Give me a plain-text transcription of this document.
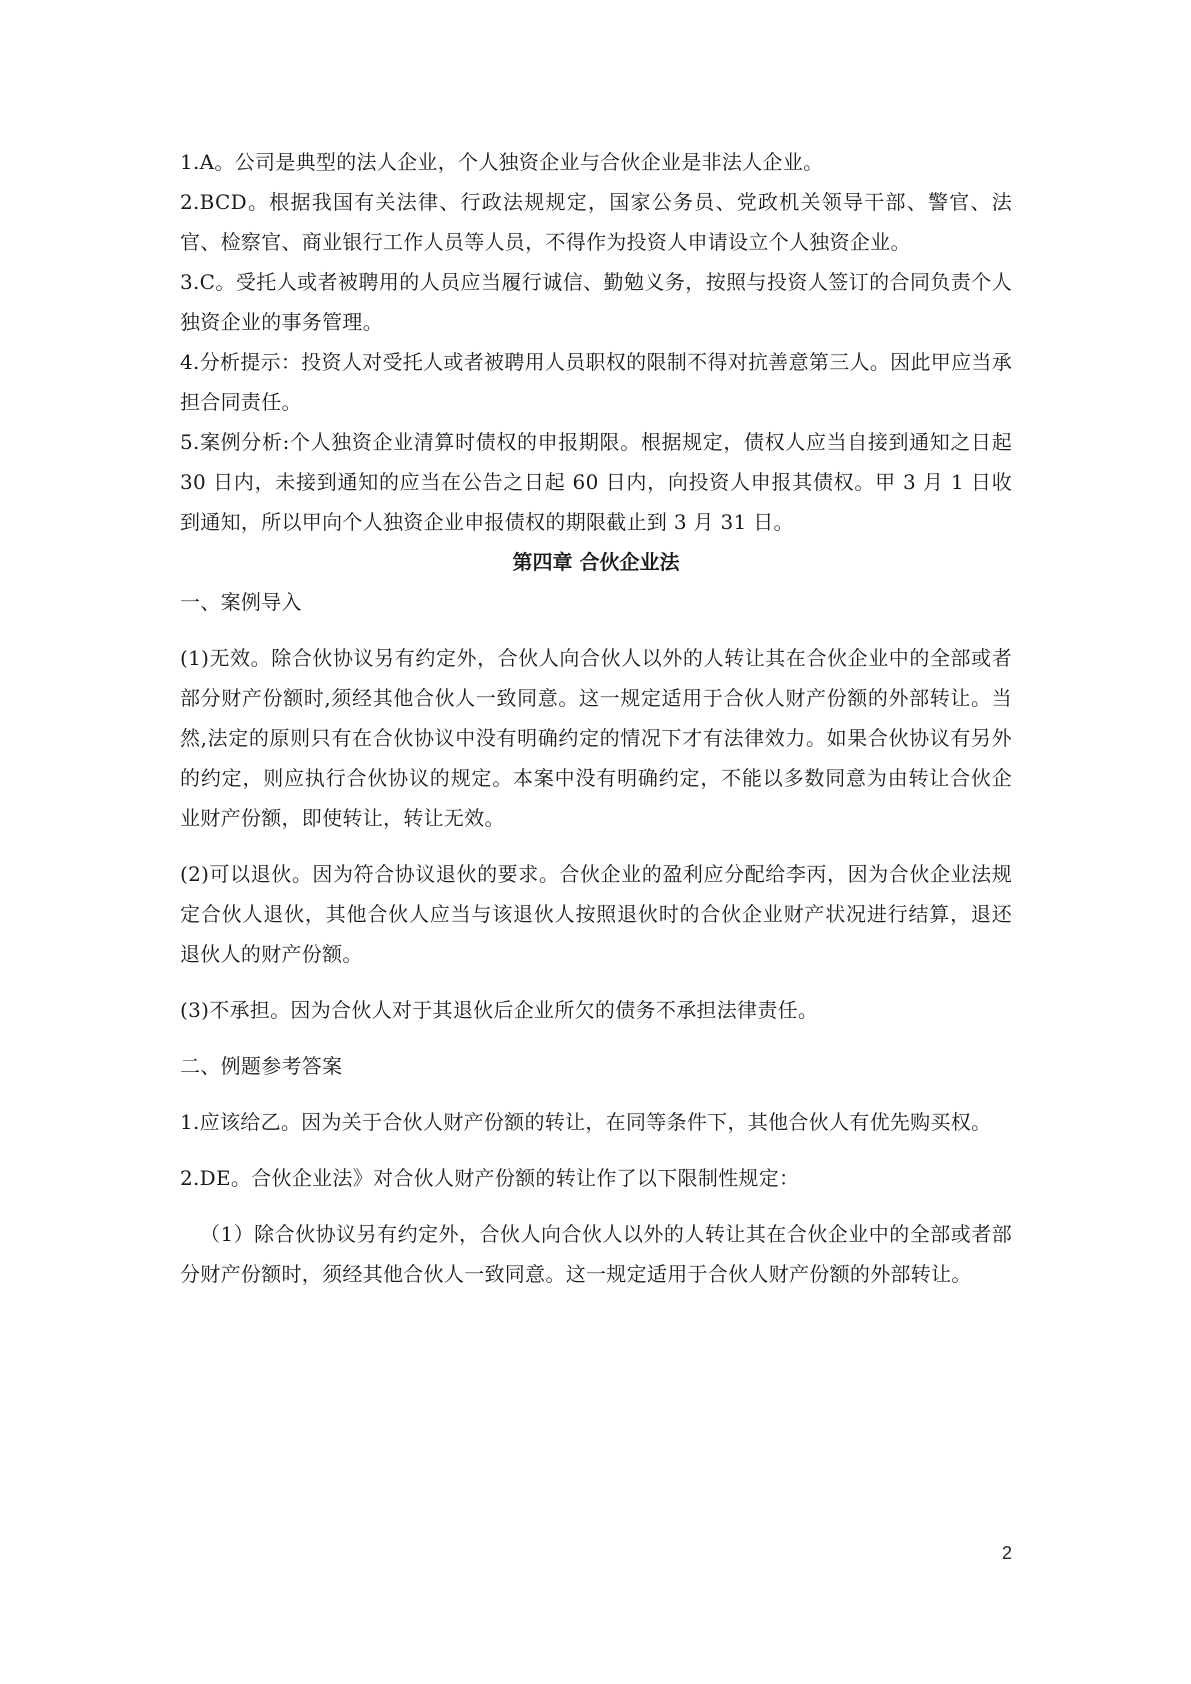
1.A。公司是典型的法人企业，个人独资企业与合伙企业是非法人企业。

2.BCD。根据我国有关法律、行政法规规定，国家公务员、党政机关领导干部、警官、法官、检察官、商业银行工作人员等人员，不得作为投资人申请设立个人独资企业。

3.C。受托人或者被聘用的人员应当履行诚信、勤勉义务，按照与投资人签订的合同负责个人独资企业的事务管理。

4.分析提示：投资人对受托人或者被聘用人员职权的限制不得对抗善意第三人。因此甲应当承担合同责任。

5.案例分析:个人独资企业清算时债权的申报期限。根据规定，债权人应当自接到通知之日起 30 日内，未接到通知的应当在公告之日起 60 日内，向投资人申报其债权。甲 3 月 1 日收到通知，所以甲向个人独资企业申报债权的期限截止到 3 月 31 日。

第四章 合伙企业法

一、案例导入

(1)无效。除合伙协议另有约定外，合伙人向合伙人以外的人转让其在合伙企业中的全部或者部分财产份额时,须经其他合伙人一致同意。这一规定适用于合伙人财产份额的外部转让。当然,法定的原则只有在合伙协议中没有明确约定的情况下才有法律效力。如果合伙协议有另外的约定，则应执行合伙协议的规定。本案中没有明确约定，不能以多数同意为由转让合伙企业财产份额，即使转让，转让无效。

(2)可以退伙。因为符合协议退伙的要求。合伙企业的盈利应分配给李丙，因为合伙企业法规定合伙人退伙，其他合伙人应当与该退伙人按照退伙时的合伙企业财产状况进行结算，退还退伙人的财产份额。

(3)不承担。因为合伙人对于其退伙后企业所欠的债务不承担法律责任。

二、例题参考答案

1.应该给乙。因为关于合伙人财产份额的转让，在同等条件下，其他合伙人有优先购买权。

2.DE。合伙企业法》对合伙人财产份额的转让作了以下限制性规定：

（1）除合伙协议另有约定外，合伙人向合伙人以外的人转让其在合伙企业中的全部或者部分财产份额时，须经其他合伙人一致同意。这一规定适用于合伙人财产份额的外部转让。

2
